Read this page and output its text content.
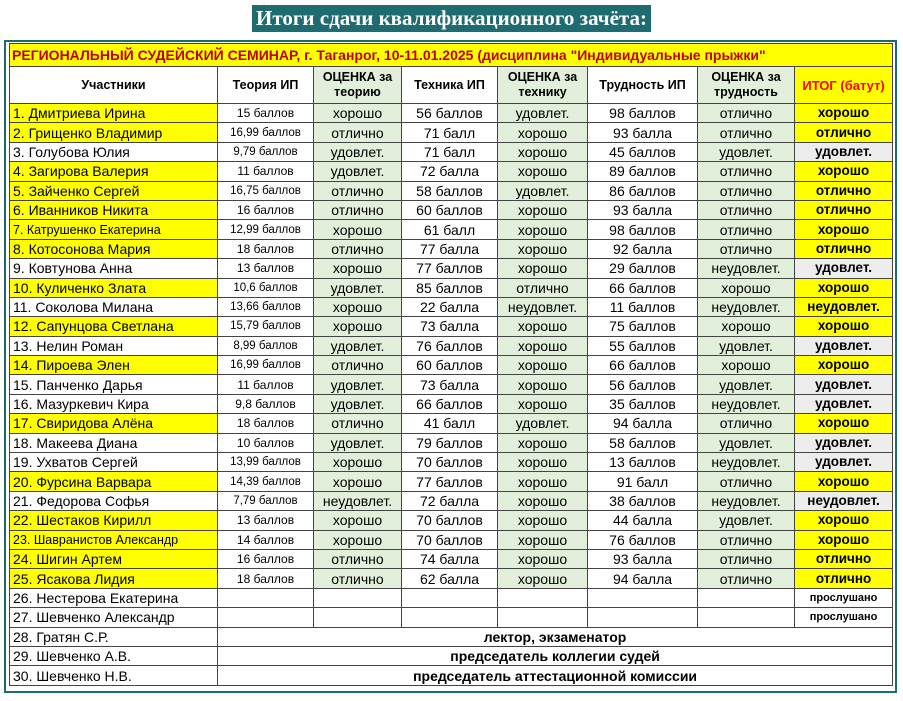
Итоги сдачи квалификационного зачёта:
РЕГИОНАЛЬНЫЙ СУДЕЙСКИЙ СЕМИНАР, г. Таганрог, 10-11.01.2025 (дисциплина "Индивидуальные прыжки"							
Участники	Теория ИП	ОЦЕНКА за теорию	Техника ИП	ОЦЕНКА за технику	Трудность ИП	ОЦЕНКА за трудность	ИТОГ (батут)
1. Дмитриева Ирина	15 баллов	хорошо	56 баллов	удовлет.	98 баллов	отлично	хорошо
2. Грищенко Владимир	16,99 баллов	отлично	71 балл	хорошо	93 балла	отлично	отлично
3. Голубова Юлия	9,79 баллов	удовлет.	71 балл	хорошо	45 баллов	удовлет.	удовлет.
4. Загирова Валерия	11 баллов	удовлет.	72 балла	хорошо	89 баллов	отлично	хорошо
5. Зайченко Сергей	16,75 баллов	отлично	58 баллов	удовлет.	86 баллов	отлично	отлично
6. Иванников Никита	16 баллов	отлично	60 баллов	хорошо	93 балла	отлично	отлично
7. Катрушенко Екатерина	12,99 баллов	хорошо	61 балл	хорошо	98 баллов	отлично	хорошо
8. Котосонова Мария	18 баллов	отлично	77 балла	хорошо	92 балла	отлично	отлично
9. Ковтунова Анна	13 баллов	хорошо	77 баллов	хорошо	29 баллов	неудовлет.	удовлет.
10. Куличенко Злата	10,6 баллов	удовлет.	85 баллов	отлично	66 баллов	хорошо	хорошо
11. Соколова Милана	13,66 баллов	хорошо	22 балла	неудовлет.	11 баллов	неудовлет.	неудовлет.
12. Сапунцова Светлана	15,79 баллов	хорошо	73 балла	хорошо	75 баллов	хорошо	хорошо
13. Нелин Роман	8,99 баллов	удовлет.	76 баллов	хорошо	55 баллов	удовлет.	удовлет.
14. Пироева Элен	16,99 баллов	отлично	60 баллов	хорошо	66 баллов	хорошо	хорошо
15. Панченко Дарья	11 баллов	удовлет.	73 балла	хорошо	56 баллов	удовлет.	удовлет.
16. Мазуркевич Кира	9,8 баллов	удовлет.	66 баллов	хорошо	35 баллов	неудовлет.	удовлет.
17. Свиридова Алёна	18 баллов	отлично	41 балл	удовлет.	94 балла	отлично	хорошо
18. Макеева Диана	10 баллов	удовлет.	79 баллов	хорошо	58 баллов	удовлет.	удовлет.
19. Ухватов Сергей	13,99 баллов	хорошо	70 баллов	хорошо	13 баллов	неудовлет.	удовлет.
20. Фурсина Варвара	14,39 баллов	хорошо	77 баллов	хорошо	91 балл	отлично	хорошо
21. Федорова Софья	7,79 баллов	неудовлет.	72 балла	хорошо	38 баллов	неудовлет.	неудовлет.
22. Шестаков Кирилл	13 баллов	хорошо	70 баллов	хорошо	44 балла	удовлет.	хорошо
23. Шавранистов Александр	14 баллов	хорошо	70 баллов	хорошо	76 баллов	отлично	хорошо
24. Шигин Артем	16 баллов	отлично	74 балла	хорошо	93 балла	отлично	отлично
25. Ясакова Лидия	18 баллов	отлично	62 балла	хорошо	94 балла	отлично	отлично
26. Нестерова Екатерина							прослушано
27. Шевченко Александр							прослушано
28. Гратян С.Р.	лектор, экзаменатор						
29. Шевченко А.В.	председатель коллегии судей						
30. Шевченко Н.В.	председатель аттестационной комиссии						
